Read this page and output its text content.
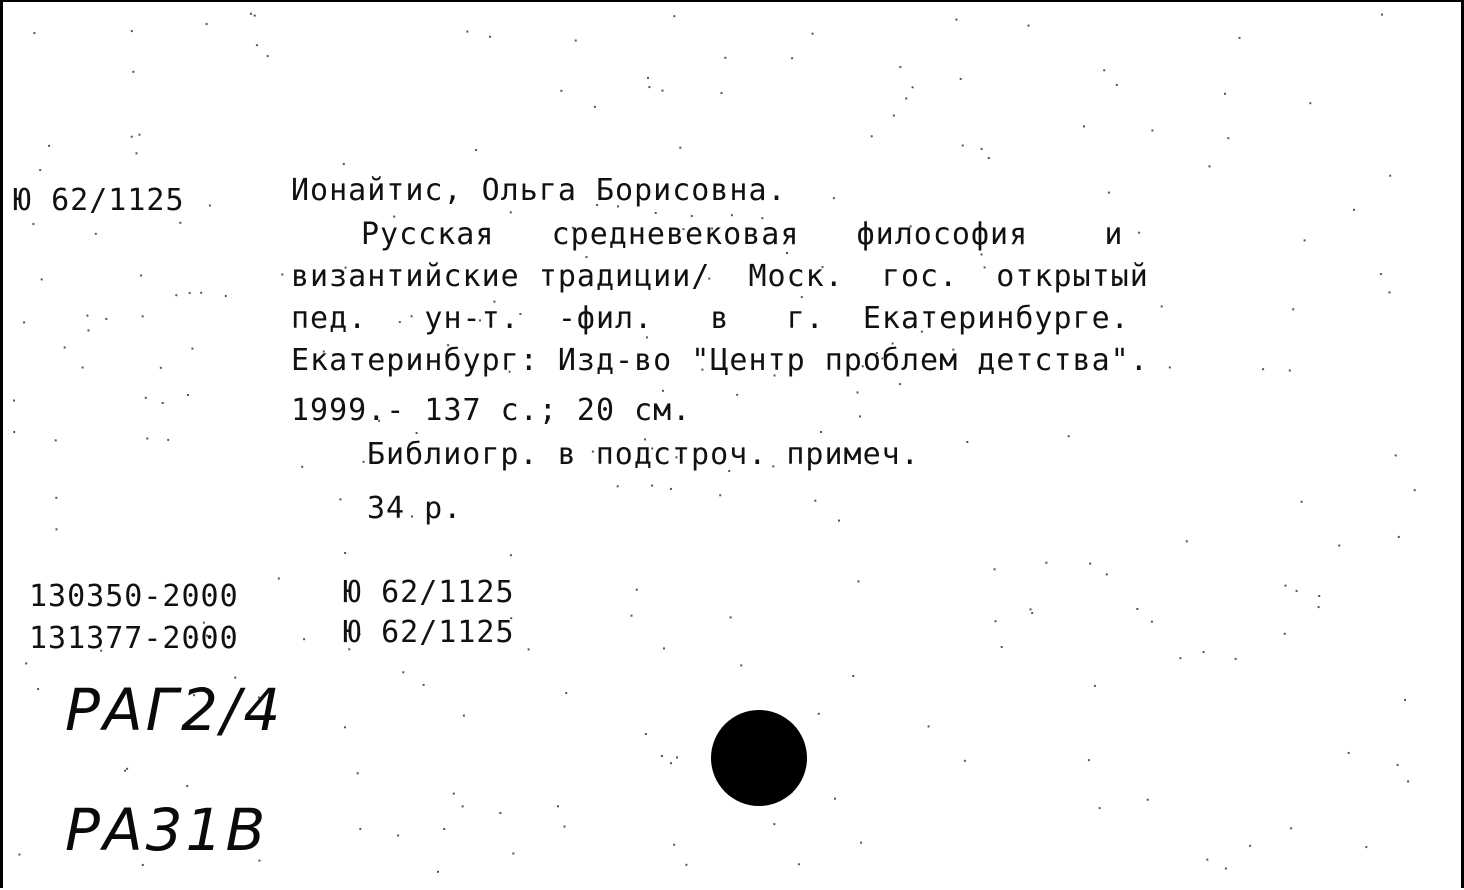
Ю 62/1125	Ионайтис, Ольга Борисовна.
Русская   средневековая   философия    и
византийские традиции/  Моск.  гос.  открытый
пед.   ун-т.  -фил.   в   г.  Екатеринбурге.
Екатеринбург: Изд-во "Центр проблем детства".
1999.- 137 с.; 20 см.
Библиогр. в подстроч. примеч.
34 р.
130350-2000	Ю 62/1125
131377-2000	Ю 62/1125
РАГ2/4
РА31В
